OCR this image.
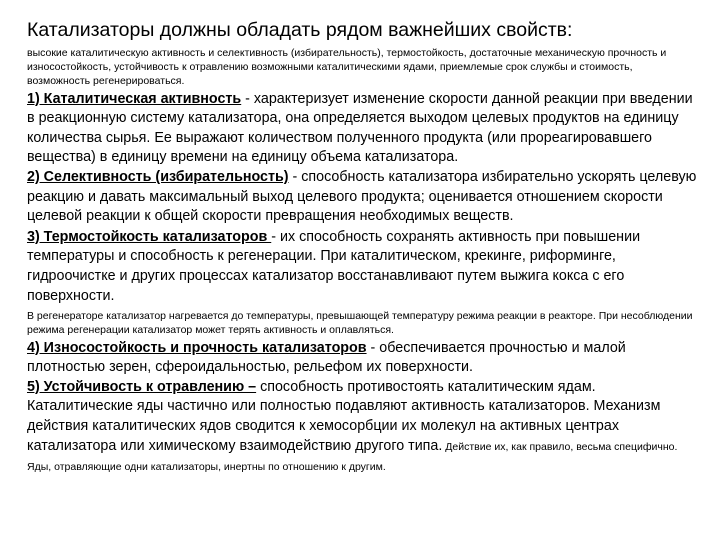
Катализаторы должны обладать рядом важнейших свойств:

высокие каталитическую активность и селективность (избирательность), термостойкость, достаточные механическую прочность и износостойкость, устойчивость к отравлению возможными каталитическими ядами, приемлемые срок службы и стоимость, возможность регенерироваться.

1) Каталитическая активность - характеризует изменение скорости данной реакции при введении в реакционную систему катализатора, она определяется выходом целевых продуктов на единицу количества сырья. Ее выражают количеством полученного продукта (или прореагировавшего вещества) в единицу времени на единицу объема катализатора.

2) Селективность (избирательность) - способность катализатора избирательно ускорять целевую реакцию и давать максимальный выход целевого продукта; оценивается отношением скорости целевой реакции к общей скорости превращения необходимых веществ.

3) Термостойкость катализаторов - их способность сохранять активность при повышении температуры и способность к регенерации. При каталитическом, крекинге, риформинге, гидроочистке и других процессах катализатор восстанавливают путем выжига кокса с его поверхности.

В регенераторе катализатор нагревается до температуры, превышающей температуру режима реакции в реакторе. При несоблюдении режима регенерации катализатор может терять активность и оплавляться.

4) Износостойкость и прочность катализаторов - обеспечивается прочностью и малой плотностью зерен, сфероидальностью, рельефом их поверхности.

5) Устойчивость к отравлению – способность противостоять каталитическим ядам. Каталитические яды частично или полностью подавляют активность катализаторов. Механизм действия каталитических ядов сводится к хемосорбции их молекул на активных центрах катализатора или химическому взаимодействию другого типа. Действие их, как правило, весьма специфично. Яды, отравляющие одни катализаторы, инертны по отношению к другим.
